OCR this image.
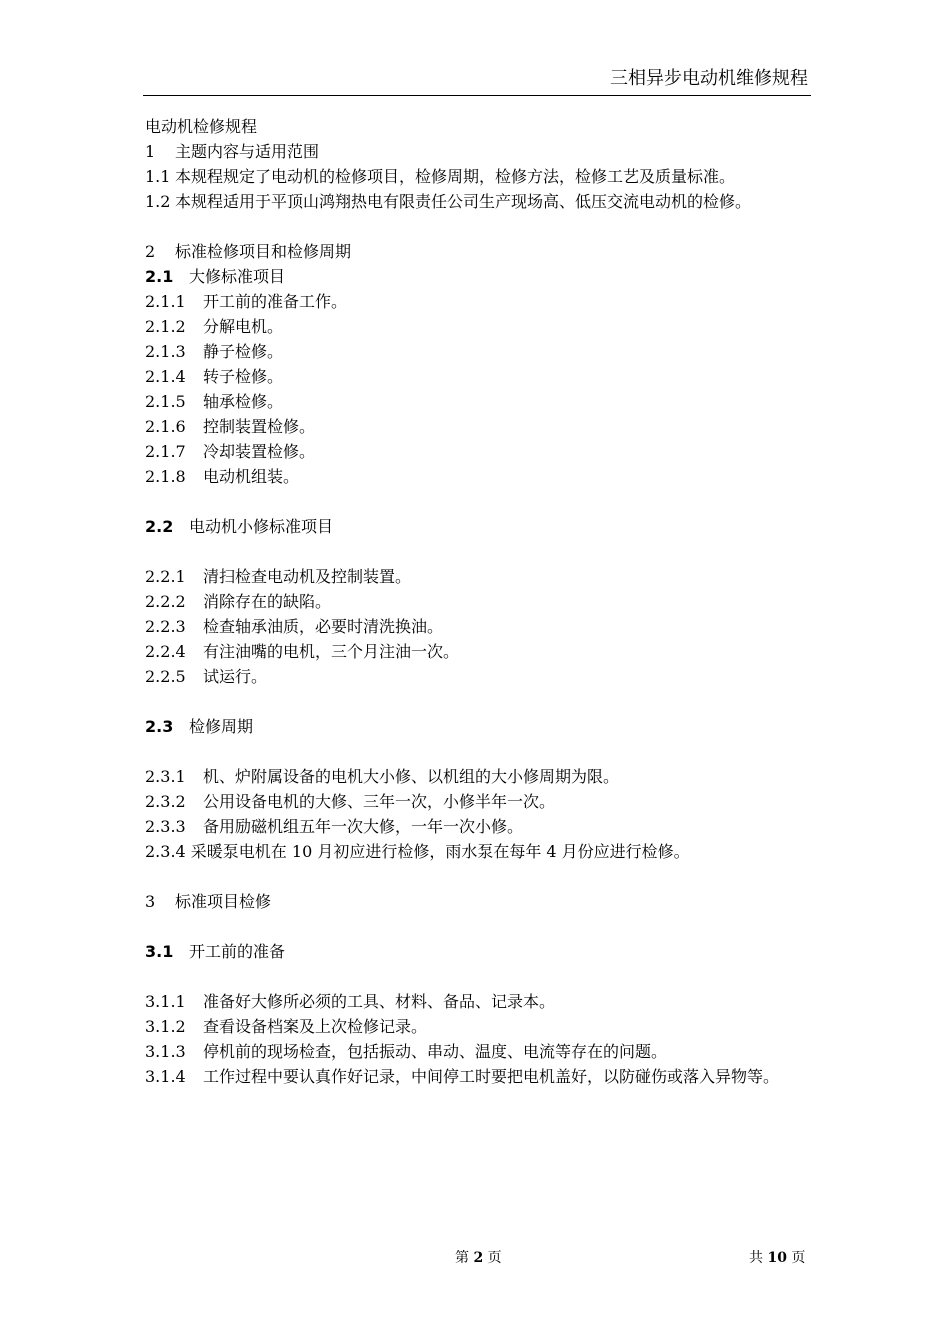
三相异步电动机维修规程
电动机检修规程
1 主题内容与适用范围
1.1 本规程规定了电动机的检修项目，检修周期，检修方法，检修工艺及质量标准。
1.2 本规程适用于平顶山鸿翔热电有限责任公司生产现场高、低压交流电动机的检修。
2 标准检修项目和检修周期
2.1 大修标准项目
2.1.1 开工前的准备工作。
2.1.2 分解电机。
2.1.3 静子检修。
2.1.4 转子检修。
2.1.5 轴承检修。
2.1.6 控制装置检修。
2.1.7 冷却装置检修。
2.1.8 电动机组装。
2.2 电动机小修标准项目
2.2.1 清扫检查电动机及控制装置。
2.2.2 消除存在的缺陷。
2.2.3 检查轴承油质，必要时清洗换油。
2.2.4 有注油嘴的电机，三个月注油一次。
2.2.5 试运行。
2.3 检修周期
2.3.1 机、炉附属设备的电机大小修、以机组的大小修周期为限。
2.3.2 公用设备电机的大修、三年一次，小修半年一次。
2.3.3 备用励磁机组五年一次大修，一年一次小修。
2.3.4 采暖泵电机在 10 月初应进行检修，雨水泵在每年 4 月份应进行检修。
3 标准项目检修
3.1 开工前的准备
3.1.1 准备好大修所必须的工具、材料、备品、记录本。
3.1.2 查看设备档案及上次检修记录。
3.1.3 停机前的现场检查，包括振动、串动、温度、电流等存在的问题。
3.1.4 工作过程中要认真作好记录，中间停工时要把电机盖好，以防碰伤或落入异物等。
第 2 页	共 10 页
